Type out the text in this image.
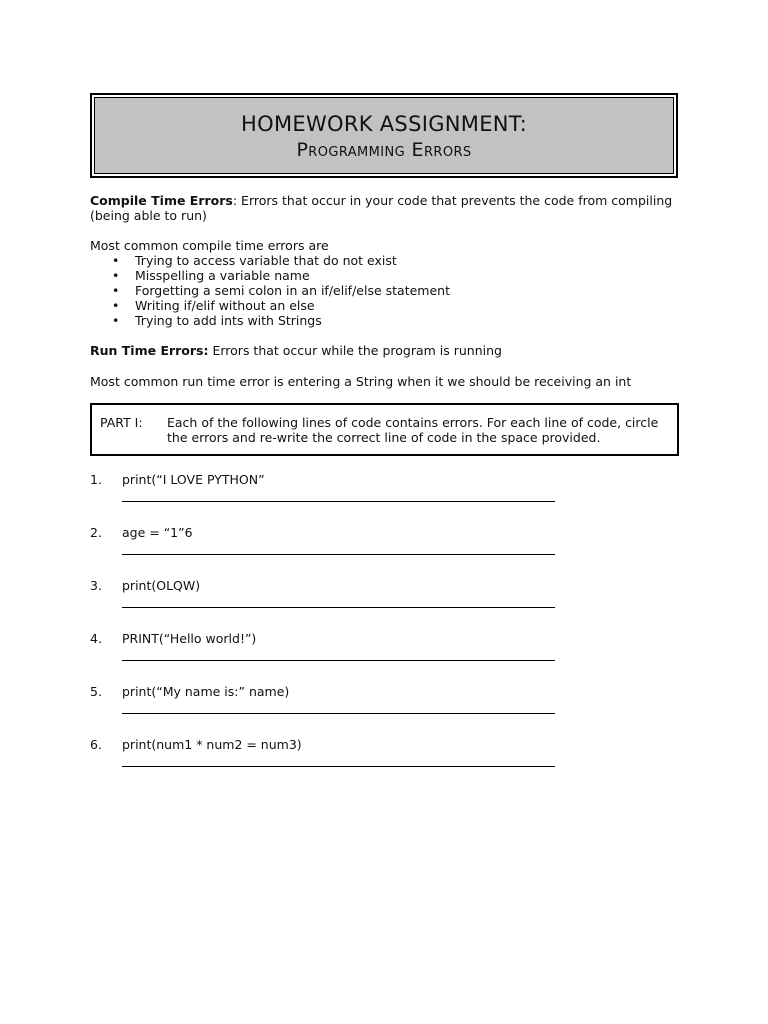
HOMEWORK ASSIGNMENT:
Programming Errors
Compile Time Errors: Errors that occur in your code that prevents the code from compiling (being able to run)
Most common compile time errors are
• Trying to access variable that do not exist
• Misspelling a variable name
• Forgetting a semi colon in an if/elif/else statement
• Writing if/elif without an else
• Trying to add ints with Strings
Run Time Errors: Errors that occur while the program is running
Most common run time error is entering a String when it we should be receiving an int
PART I: Each of the following lines of code contains errors. For each line of code, circle the errors and re-write the correct line of code in the space provided.
1. print(“I LOVE PYTHON”
2. age = “1”6
3. print(OLQW)
4. PRINT(“Hello world!”)
5. print(“My name is:” name)
6. print(num1 * num2 = num3)
